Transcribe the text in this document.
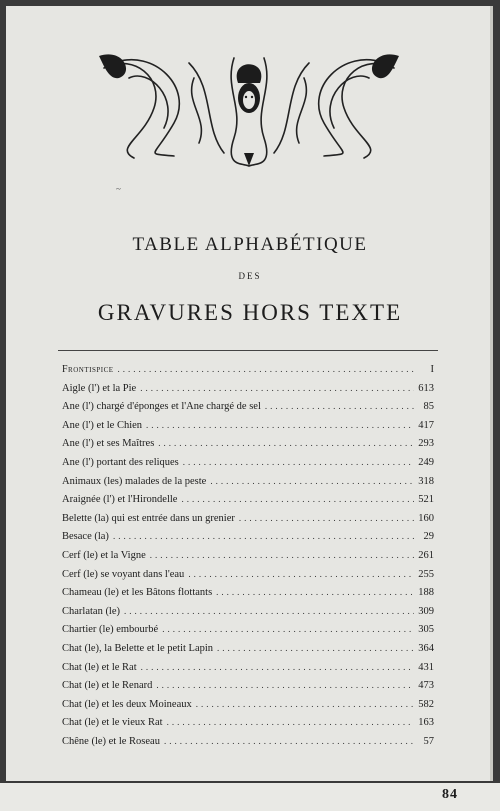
~
TABLE ALPHABÉTIQUE
DES
GRAVURES HORS TEXTE
Frontispice .....	I
Aigle (l') et la Pie .....	613
Ane (l') chargé d'éponges et l'Ane chargé de sel .....	85
Ane (l') et le Chien .....	417
Ane (l') et ses Maîtres .....	293
Ane (l') portant des reliques .....	249
Animaux (les) malades de la peste .....	318
Araignée (l') et l'Hirondelle .....	521
Belette (la) qui est entrée dans un grenier .....	160
Besace (la) .....	29
Cerf (le) et la Vigne .....	261
Cerf (le) se voyant dans l'eau .....	255
Chameau (le) et les Bâtons flottants .....	188
Charlatan (le) .....	309
Chartier (le) embourbé .....	305
Chat (le), la Belette et le petit Lapin .....	364
Chat (le) et le Rat .....	431
Chat (le) et le Renard .....	473
Chat (le) et les deux Moineaux .....	582
Chat (le) et le vieux Rat .....	163
Chêne (le) et le Roseau .....	57
84
